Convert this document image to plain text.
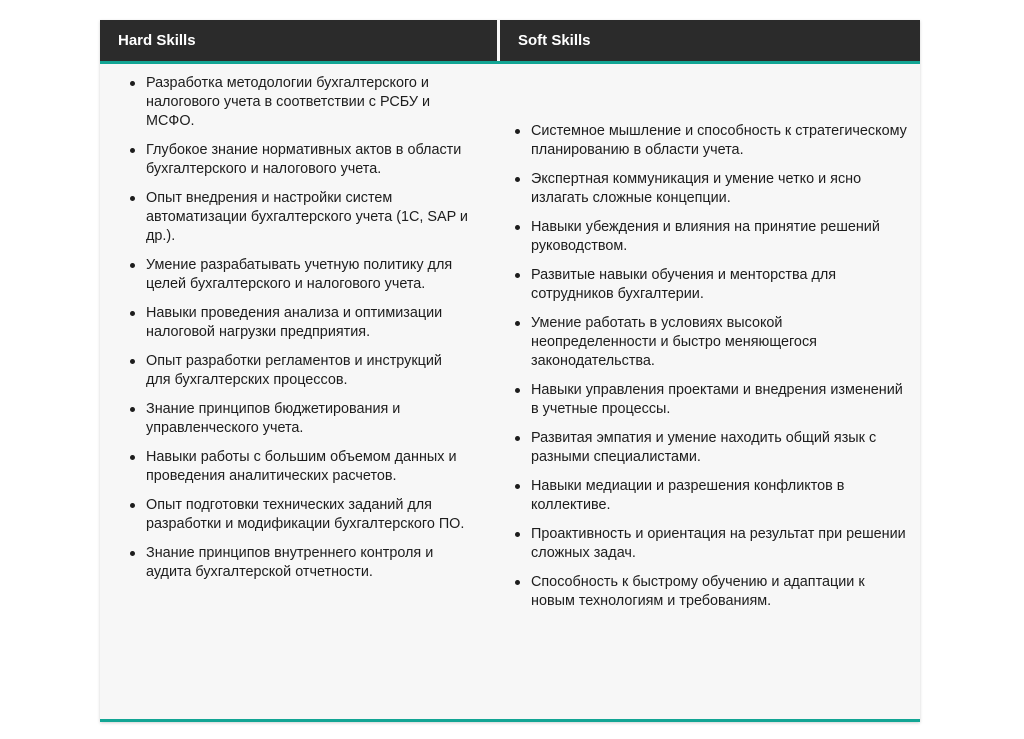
Hard Skills	Soft Skills
Разработка методологии бухгалтерского и налогового учета в соответствии с РСБУ и МСФО.
Глубокое знание нормативных актов в области бухгалтерского и налогового учета.
Опыт внедрения и настройки систем автоматизации бухгалтерского учета (1С, SAP и др.).
Умение разрабатывать учетную политику для целей бухгалтерского и налогового учета.
Навыки проведения анализа и оптимизации налоговой нагрузки предприятия.
Опыт разработки регламентов и инструкций для бухгалтерских процессов.
Знание принципов бюджетирования и управленческого учета.
Навыки работы с большим объемом данных и проведения аналитических расчетов.
Опыт подготовки технических заданий для разработки и модификации бухгалтерского ПО.
Знание принципов внутреннего контроля и аудита бухгалтерской отчетности.
Системное мышление и способность к стратегическому планированию в области учета.
Экспертная коммуникация и умение четко и ясно излагать сложные концепции.
Навыки убеждения и влияния на принятие решений руководством.
Развитые навыки обучения и менторства для сотрудников бухгалтерии.
Умение работать в условиях высокой неопределенности и быстро меняющегося законодательства.
Навыки управления проектами и внедрения изменений в учетные процессы.
Развитая эмпатия и умение находить общий язык с разными специалистами.
Навыки медиации и разрешения конфликтов в коллективе.
Проактивность и ориентация на результат при решении сложных задач.
Способность к быстрому обучению и адаптации к новым технологиям и требованиям.
